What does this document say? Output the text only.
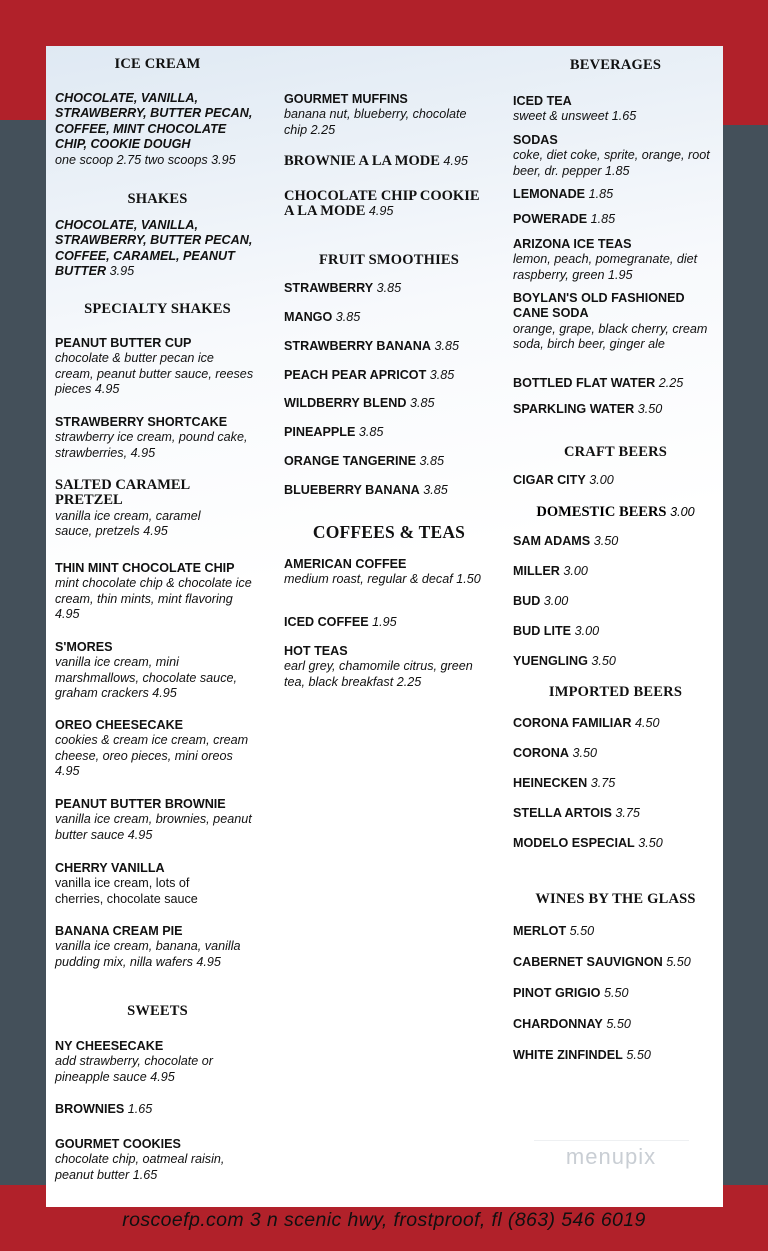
ICE CREAM
CHOCOLATE, VANILLA, STRAWBERRY, BUTTER PECAN, COFFEE, MINT CHOCOLATE CHIP, COOKIE DOUGH
one scoop 2.75 two scoops 3.95
SHAKES
CHOCOLATE, VANILLA, STRAWBERRY, BUTTER PECAN, COFFEE, CARAMEL, PEANUT BUTTER 3.95
SPECIALTY SHAKES
PEANUT BUTTER CUP
chocolate & butter pecan ice cream, peanut butter sauce, reeses pieces 4.95
STRAWBERRY SHORTCAKE
strawberry ice cream, pound cake, strawberries, 4.95
SALTED CARAMEL PRETZEL
vanilla ice cream, caramel sauce, pretzels 4.95
THIN MINT CHOCOLATE CHIP
mint chocolate chip & chocolate ice cream, thin mints, mint flavoring 4.95
S'MORES
vanilla ice cream, mini marshmallows, chocolate sauce, graham crackers 4.95
OREO CHEESECAKE
cookies & cream ice cream, cream cheese, oreo pieces, mini oreos 4.95
PEANUT BUTTER BROWNIE
vanilla ice cream, brownies, peanut butter sauce 4.95
CHERRY VANILLA
vanilla ice cream, lots of cherries, chocolate sauce
BANANA CREAM PIE
vanilla ice cream, banana, vanilla pudding mix, nilla wafers 4.95
SWEETS
NY CHEESECAKE
add strawberry, chocolate or pineapple sauce 4.95
BROWNIES 1.65
GOURMET COOKIES
chocolate chip, oatmeal raisin, peanut butter 1.65
GOURMET MUFFINS
banana nut, blueberry, chocolate chip 2.25
BROWNIE A LA MODE 4.95
CHOCOLATE CHIP COOKIE A LA MODE 4.95
FRUIT SMOOTHIES
STRAWBERRY 3.85
MANGO 3.85
STRAWBERRY BANANA 3.85
PEACH PEAR APRICOT 3.85
WILDBERRY BLEND 3.85
PINEAPPLE 3.85
ORANGE TANGERINE 3.85
BLUEBERRY BANANA 3.85
COFFEES & TEAS
AMERICAN COFFEE
medium roast, regular & decaf 1.50
ICED COFFEE 1.95
HOT TEAS
earl grey, chamomile citrus, green tea, black breakfast 2.25
BEVERAGES
ICED TEA
sweet & unsweet 1.65
SODAS
coke, diet coke, sprite, orange, root beer, dr. pepper 1.85
LEMONADE 1.85
POWERADE 1.85
ARIZONA ICE TEAS
lemon, peach, pomegranate, diet raspberry, green 1.95
BOYLAN'S OLD FASHIONED CANE SODA
orange, grape, black cherry, cream soda, birch beer, ginger ale
BOTTLED FLAT WATER 2.25
SPARKLING WATER 3.50
CRAFT BEERS
CIGAR CITY 3.00
DOMESTIC BEERS 3.00
SAM ADAMS 3.50
MILLER 3.00
BUD 3.00
BUD LITE 3.00
YUENGLING 3.50
IMPORTED BEERS
CORONA FAMILIAR 4.50
CORONA 3.50
HEINECKEN 3.75
STELLA ARTOIS 3.75
MODELO ESPECIAL 3.50
WINES BY THE GLASS
MERLOT 5.50
CABERNET SAUVIGNON 5.50
PINOT GRIGIO 5.50
CHARDONNAY 5.50
WHITE ZINFINDEL 5.50
menupix
roscoefp.com 3 n scenic hwy, frostproof, fl (863) 546 6019
